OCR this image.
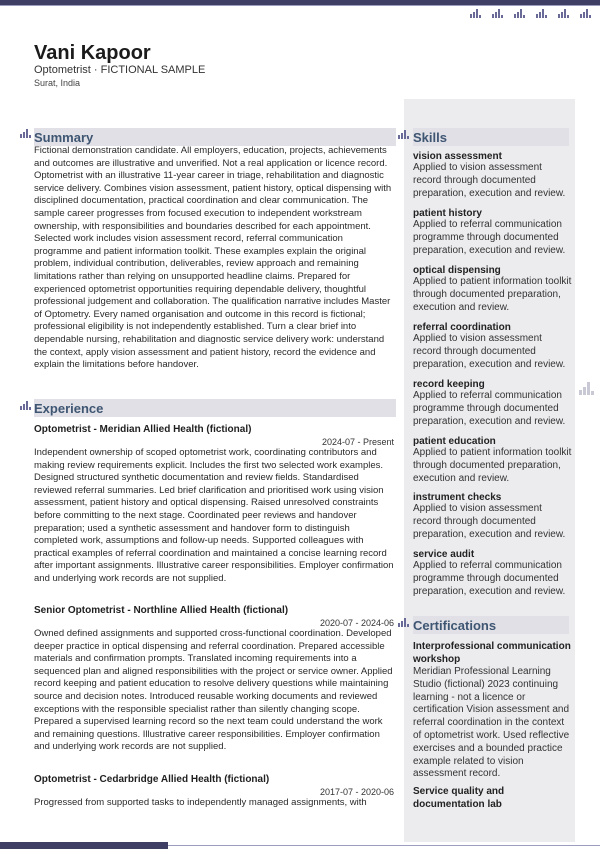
Vani Kapoor
Optometrist · FICTIONAL SAMPLE
Surat, India
Summary

Fictional demonstration candidate. All employers, education, projects, achievements and outcomes are illustrative and unverified. Not a real application or licence record. Optometrist with an illustrative 11-year career in triage, rehabilitation and diagnostic service delivery. Combines vision assessment, patient history, optical dispensing with disciplined documentation, practical coordination and clear communication. The sample career progresses from focused execution to independent workstream ownership, with responsibilities and boundaries described for each appointment. Selected work includes vision assessment record, referral communication programme and patient information toolkit. These examples explain the original problem, individual contribution, deliverables, review approach and remaining limitations rather than relying on unsupported headline claims. Prepared for experienced optometrist opportunities requiring dependable delivery, thoughtful professional judgement and collaboration. The qualification narrative includes Master of Optometry. Every named organisation and outcome in this record is fictional; professional eligibility is not independently established. Turn a clear brief into dependable nursing, rehabilitation and diagnostic service delivery work: understand the context, apply vision assessment and patient history, record the evidence and explain the limitations before handover.

Experience

Optometrist - Meridian Allied Health (fictional)

2024-07 - Present

Independent ownership of scoped optometrist work, coordinating contributors and making review requirements explicit. Includes the first two selected work examples. Designed structured synthetic documentation and review fields. Standardised reviewed referral summaries. Led brief clarification and prioritised work using vision assessment, patient history and optical dispensing. Raised unresolved constraints before committing to the next stage. Coordinated peer reviews and handover preparation; used a synthetic assessment and handover form to distinguish completed work, assumptions and follow-up needs. Supported colleagues with practical examples of referral coordination and maintained a concise learning record after important assignments. Illustrative career responsibilities. Employer confirmation and underlying work records are not supplied.

Senior Optometrist - Northline Allied Health (fictional)

2020-07 - 2024-06

Owned defined assignments and supported cross-functional coordination. Developed deeper practice in optical dispensing and referral coordination. Prepared accessible materials and confirmation prompts. Translated incoming requirements into a sequenced plan and aligned responsibilities with the project or service owner. Applied record keeping and patient education to resolve delivery questions while maintaining source and decision notes. Introduced reusable working documents and reviewed exceptions with the responsible specialist rather than silently changing scope. Prepared a supervised learning record so the next team could understand the work and remaining questions. Illustrative career responsibilities. Employer confirmation and underlying work records are not supplied.

Optometrist - Cedarbridge Allied Health (fictional)

2017-07 - 2020-06

Progressed from supported tasks to independently managed assignments, with

Skills

vision assessment

Applied to vision assessment record through documented preparation, execution and review.

patient history

Applied to referral communication programme through documented preparation, execution and review.

optical dispensing

Applied to patient information toolkit through documented preparation, execution and review.

referral coordination

Applied to vision assessment record through documented preparation, execution and review.

record keeping

Applied to referral communication programme through documented preparation, execution and review.

patient education

Applied to patient information toolkit through documented preparation, execution and review.

instrument checks

Applied to vision assessment record through documented preparation, execution and review.

service audit

Applied to referral communication programme through documented preparation, execution and review.

Certifications

Interprofessional communication workshop

Meridian Professional Learning Studio (fictional) 2023 continuing learning - not a licence or certification Vision assessment and referral coordination in the context of optometrist work. Used reflective exercises and a bounded practice example related to vision assessment record.

Service quality and documentation lab
